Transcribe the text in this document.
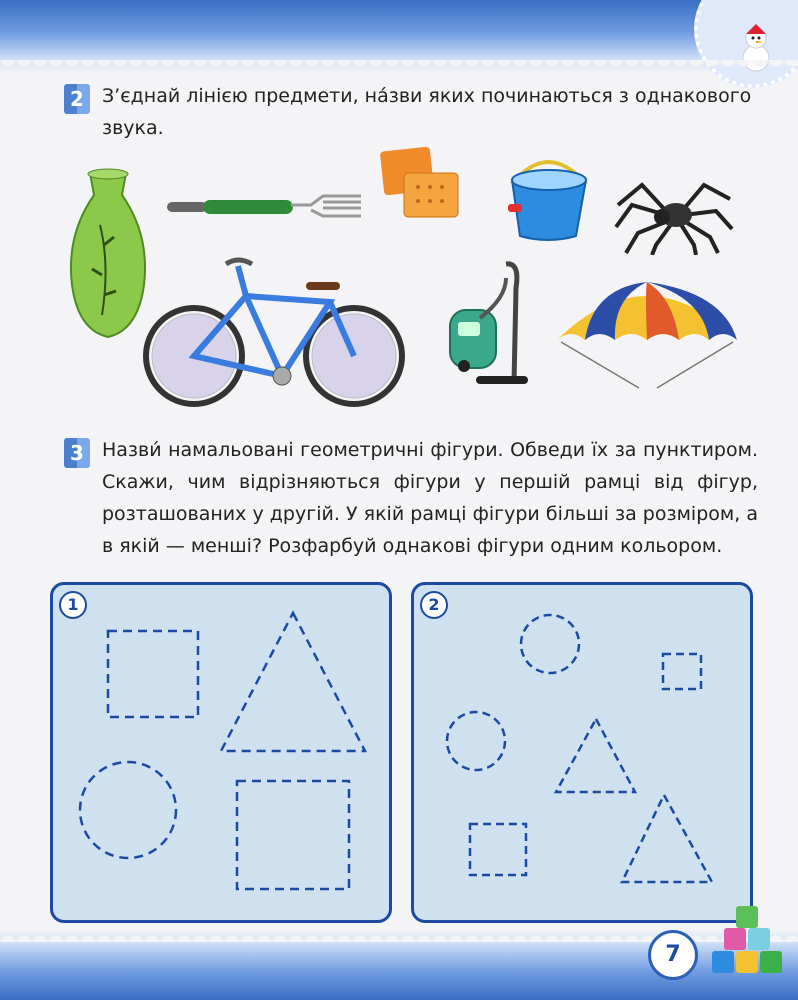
2 З’єднай лінією предмети, на́зви яких починаються з однакового звука.

3 Назви́ намальовані геометричні фігури. Обведи їх за пунктиром. Скажи, чим відрізняються фігури у першій рамці від фігур, розташованих у другій. У якій рамці фігури більші за розміром, а в якій — менші? Розфарбуй однакові фігури одним кольором.

1	2
7
